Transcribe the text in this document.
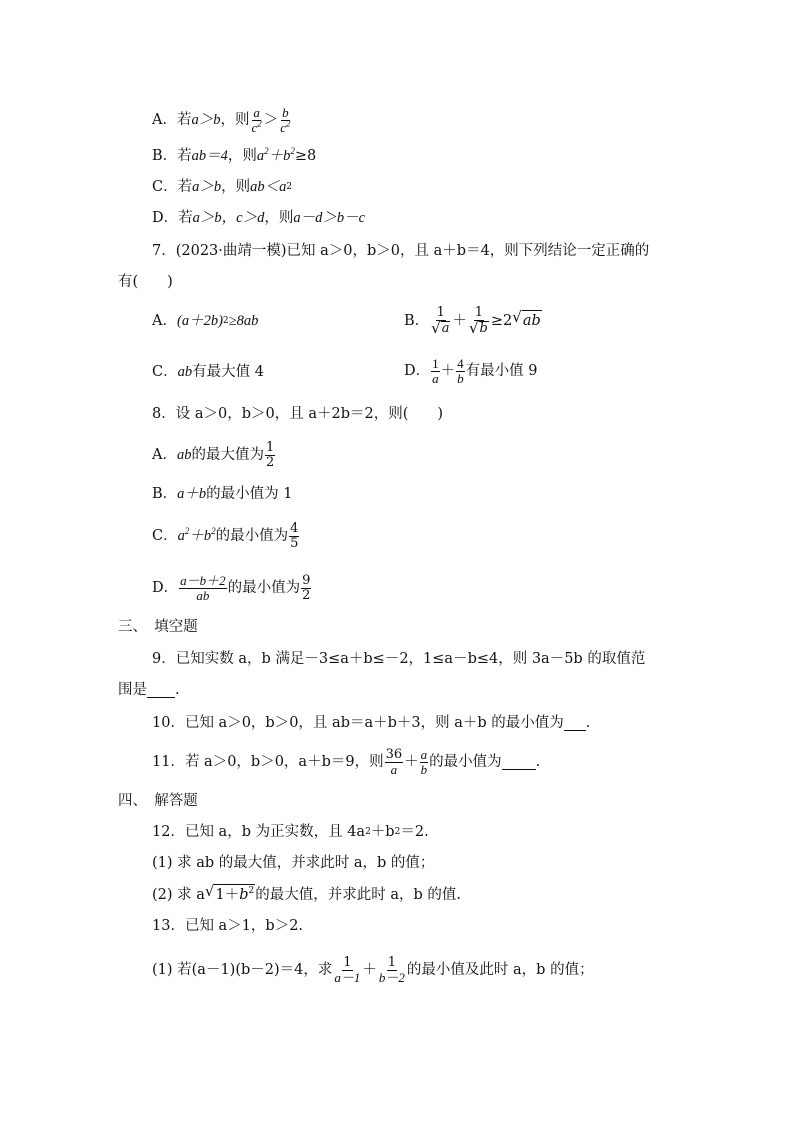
A．若 a＞b ，则 $\frac{a}{c^2} > \frac{b}{c^2}$
B．若 ab＝4 ，则 $a^2+b^2 \ge 8$
C．若 a＞b ，则 ab＜a 2
D．若 a＞b，c＞d ，则 a－d＞b－c
7．(2023·曲靖一模)已知 a＞0，b＞0，且 a＋b＝4，则下列结论一定正确的
有(　　)
A． (a＋2b) 2 ≥8ab	B． $\frac{1}{√ a} + \frac{1}{√ b} \ge 2$ √ ab
C． ab 有最大值 4	D． $\frac{1}{a} + \frac{4}{b}$ 有最小值 9
8．设 a＞0，b＞0，且 a＋2b＝2，则(　　)
A． ab 的最大值为 $\frac{1}{2}$
B． a＋b 的最小值为 1
C． $a^2+b^2$ 的最小值为 $\frac{4}{5}$
D． $\frac{a-b+2}{ab}$ 的最小值为 $\frac{9}{2}$
三、　填空题
9．已知实数 a，b 满足－3≤a＋b≤－2，1≤a－b≤4，则 3a－5b 的取值范
围是 .
10．已知 a＞0，b＞0，且 ab＝a＋b＋3，则 a＋b 的最小值为 .
11．若 a＞0，b＞0，a＋b＝9，则 $\frac{36}{a} + \frac{a}{b}$ 的最小值为 .
四、　解答题
12．已知 a，b 为正实数，且 4a 2 ＋b 2 ＝2.
(1) 求 ab 的最大值，并求此时 a，b 的值；
(2) 求 a √ $1+b^2$ 的最大值，并求此时 a，b 的值.
13．已知 a＞1，b＞2.
(1) 若(a－1)(b－2)＝4，求 $\frac{1}{a-1} + \frac{1}{b-2}$ 的最小值及此时 a，b 的值；
